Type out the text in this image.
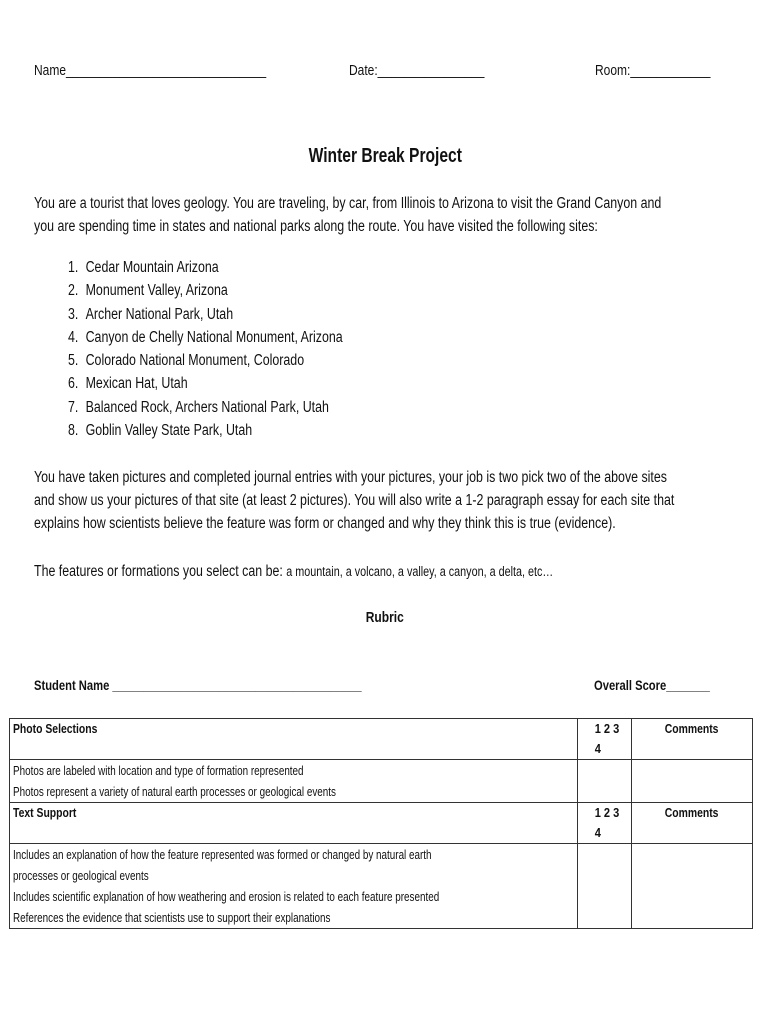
Name______________________________	Date:________________	Room:____________
Winter Break Project
You are a tourist that loves geology. You are traveling, by car, from Illinois to Arizona to visit the Grand Canyon and
you are spending time in states and national parks along the route. You have visited the following sites:
1. Cedar Mountain Arizona
2. Monument Valley, Arizona
3. Archer National Park, Utah
4. Canyon de Chelly National Monument, Arizona
5. Colorado National Monument, Colorado
6. Mexican Hat, Utah
7. Balanced Rock, Archers National Park, Utah
8. Goblin Valley State Park, Utah
You have taken pictures and completed journal entries with your pictures, your job is two pick two of the above sites
and show us your pictures of that site (at least 2 pictures). You will also write a 1-2 paragraph essay for each site that
explains how scientists believe the feature was form or changed and why they think this is true (evidence).
The features or formations you select can be: a mountain, a volcano, a valley, a canyon, a delta, etc…
Rubric
Student Name ________________________________________	Overall Score_______
Photo Selections	1 2 3 4	Comments

Photos are labeled with location and type of formation represented
Photos represent a variety of natural earth processes or geological events		

Text Support	1 2 3 4	Comments

Includes an explanation of how the feature represented was formed or changed by natural earth
processes or geological events
Includes scientific explanation of how weathering and erosion is related to each feature presented
References the evidence that scientists use to support their explanations		
